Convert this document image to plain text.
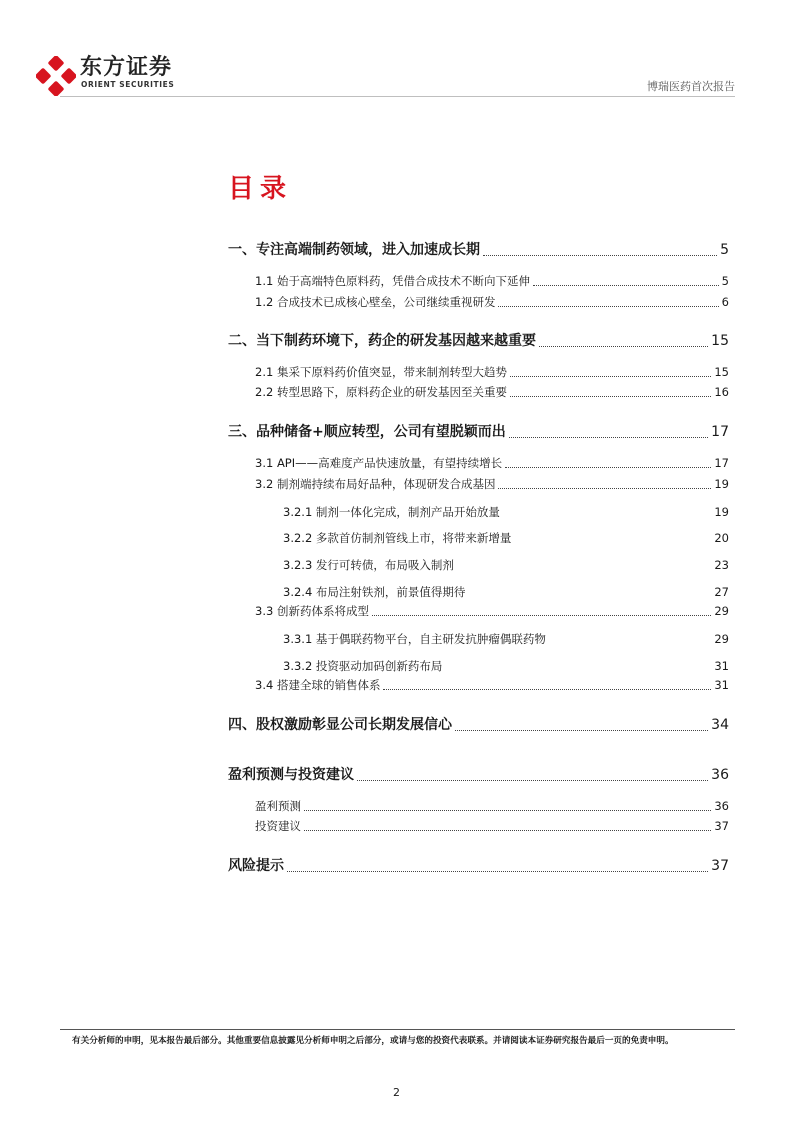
东方证券
ORIENT SECURITIES	博瑞医药首次报告
目录
一、专注高端制药领域，进入加速成长期	5
1.1 始于高端特色原料药，凭借合成技术不断向下延伸	5
1.2 合成技术已成核心壁垒，公司继续重视研发	6
二、当下制药环境下，药企的研发基因越来越重要	15
2.1 集采下原料药价值突显，带来制剂转型大趋势	15
2.2 转型思路下，原料药企业的研发基因至关重要	16
三、品种储备+顺应转型，公司有望脱颖而出	17
3.1 API——高难度产品快速放量，有望持续增长	17
3.2 制剂端持续布局好品种，体现研发合成基因	19
3.2.1 制剂一体化完成，制剂产品开始放量	19
3.2.2 多款首仿制剂管线上市，将带来新增量	20
3.2.3 发行可转债，布局吸入制剂	23
3.2.4 布局注射铁剂，前景值得期待	27
3.3 创新药体系将成型	29
3.3.1 基于偶联药物平台，自主研发抗肿瘤偶联药物	29
3.3.2 投资驱动加码创新药布局	31
3.4 搭建全球的销售体系	31
四、股权激励彰显公司长期发展信心	34
盈利预测与投资建议	36
盈利预测	36
投资建议	37
风险提示	37
有关分析师的申明，见本报告最后部分。其他重要信息披露见分析师申明之后部分，或请与您的投资代表联系。并请阅读本证券研究报告最后一页的免责申明。
2
